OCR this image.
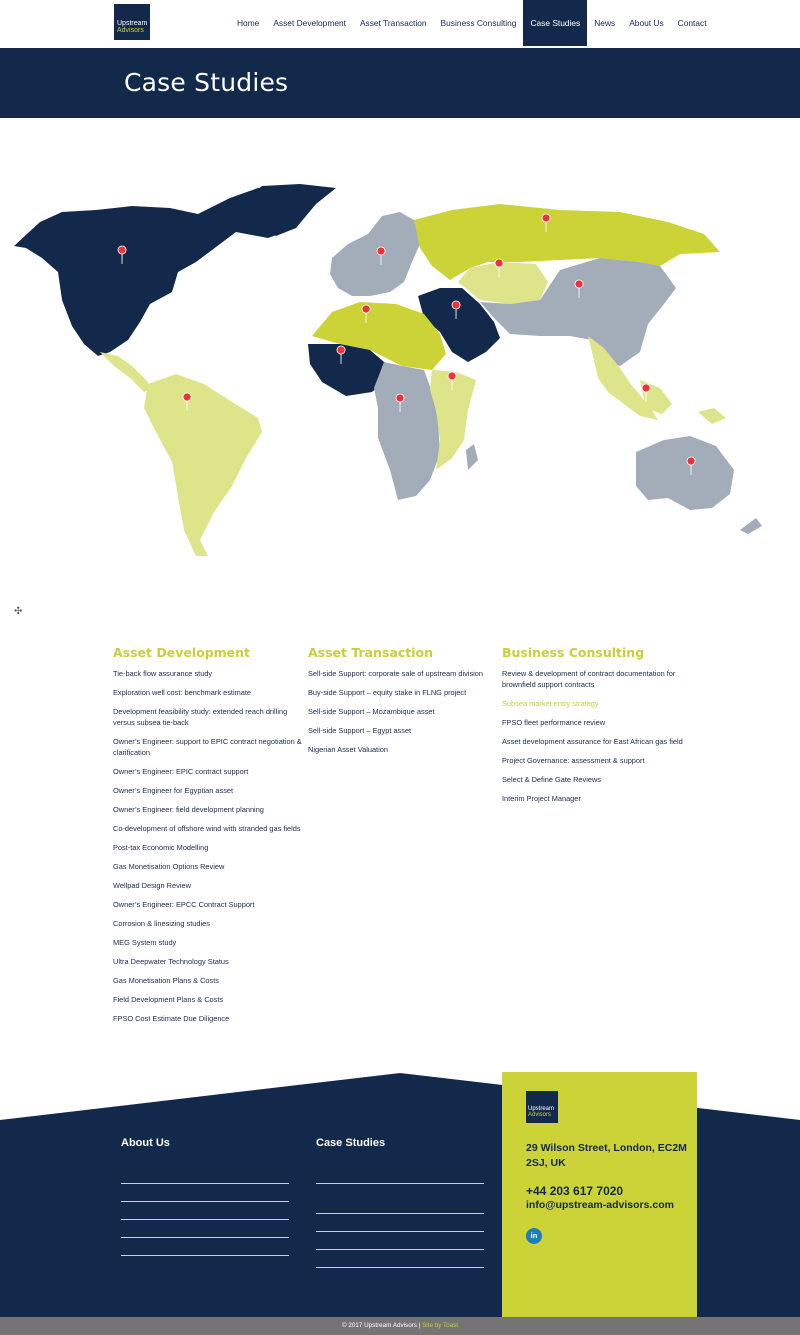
Upstream
Advisors
Home	Asset Development	Asset Transaction	Business Consulting	Case Studies	News	About Us	Contact
Case Studies
✣
Asset Development
Tie-back flow assurance study
Exploration well cost: benchmark estimate
Development feasibility study: extended reach drilling versus subsea tie-back
Owner’s Engineer: support to EPIC contract negotiation & clarification
Owner’s Engineer: EPIC contract support
Owner’s Engineer for Egyptian asset
Owner’s Engineer: field development planning
Co-development of offshore wind with stranded gas fields
Post-tax Economic Modelling
Gas Monetisation Options Review
Wellpad Design Review
Owner’s Engineer: EPCC Contract Support
Corrosion & linesizing studies
MEG System study
Ultra Deepwater Technology Status
Gas Monetisation Plans & Costs
Field Development Plans & Costs
FPSO Cost Estimate Due Diligence
Asset Transaction
Sell-side Support: corporate sale of upstream division
Buy-side Support – equity stake in FLNG project
Sell-side Support – Mozambique asset
Sell-side Support – Egypt asset
Nigerian Asset Valuation
Business Consulting
Review & development of contract documentation for brownfield support contracts
Subsea market entry strategy
FPSO fleet performance review
Asset development assurance for East African gas field
Project Governance: assessment & support
Select & Define Gate Reviews
Interim Project Manager
About Us	Case Studies
Upstream
Advisors
29 Wilson Street, London, EC2M 2SJ, UK
+44 203 617 7020
info@upstream-advisors.com
in
© 2017 Upstream Advisors | Site by Toast
